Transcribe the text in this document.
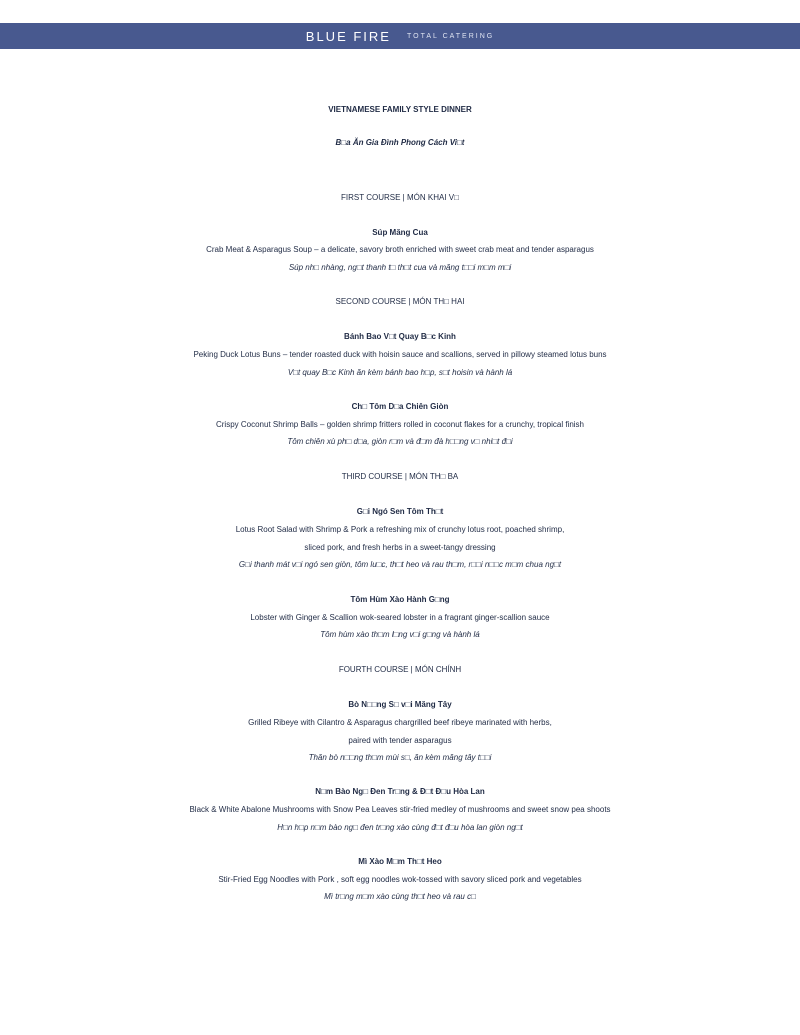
BLUE FIRE TOTAL CATERING
VIETNAMESE FAMILY STYLE DINNER
B□a Ăn Gia Đình Phong Cách Vi□t
FIRST COURSE | MÓN KHAI V□
Súp Măng Cua
Crab Meat & Asparagus Soup – a delicate, savory broth enriched with sweet crab meat and tender asparagus
Súp nh□ nhàng, ng□t thanh t□ th□t cua và măng t□□i m□m m□i
SECOND COURSE | MÓN TH□ HAI
Bánh Bao V□t Quay B□c Kinh
Peking Duck Lotus Buns – tender roasted duck with hoisin sauce and scallions, served in pillowy steamed lotus buns
V□t quay B□c Kinh ăn kèm bánh bao h□p, s□t hoisin và hành lá
Ch□ Tôm D□a Chiên Giòn
Crispy Coconut Shrimp Balls – golden shrimp fritters rolled in coconut flakes for a crunchy, tropical finish
Tôm chiên xù ph□ d□a, giòn r□m và đ□m đà h□□ng v□ nhi□t đ□i
THIRD COURSE | MÓN TH□ BA
G□i Ngó Sen Tôm Th□t
Lotus Root Salad with Shrimp & Pork a refreshing mix of crunchy lotus root, poached shrimp,
sliced pork, and fresh herbs in a sweet-tangy dressing
G□i thanh mát v□i ngó sen giòn, tôm lu□c, th□t heo và rau th□m, r□□i n□□c m□m chua ng□t
Tôm Hùm Xào Hành G□ng
Lobster with Ginger & Scallion wok-seared lobster in a fragrant ginger-scallion sauce
Tôm hùm xào th□m l□ng v□i g□ng và hành lá
FOURTH COURSE | MÓN CHÍNH
Bò N□□ng S□ v□i Măng Tây
Grilled Ribeye with Cilantro & Asparagus chargrilled beef ribeye marinated with herbs,
paired with tender asparagus
Thăn bò n□□ng th□m mùi s□, ăn kèm măng tây t□□i
N□m Bào Ng□ Đen Tr□ng & Đ□t Đ□u Hòa Lan
Black & White Abalone Mushrooms with Snow Pea Leaves stir-fried medley of mushrooms and sweet snow pea shoots
H□n h□p n□m bào ng□ đen tr□ng xào cùng đ□t đ□u hòa lan giòn ng□t
Mì Xào M□m Th□t Heo
Stir-Fried Egg Noodles with Pork , soft egg noodles wok-tossed with savory sliced pork and vegetables
Mì tr□ng m□m xào cùng th□t heo và rau c□
